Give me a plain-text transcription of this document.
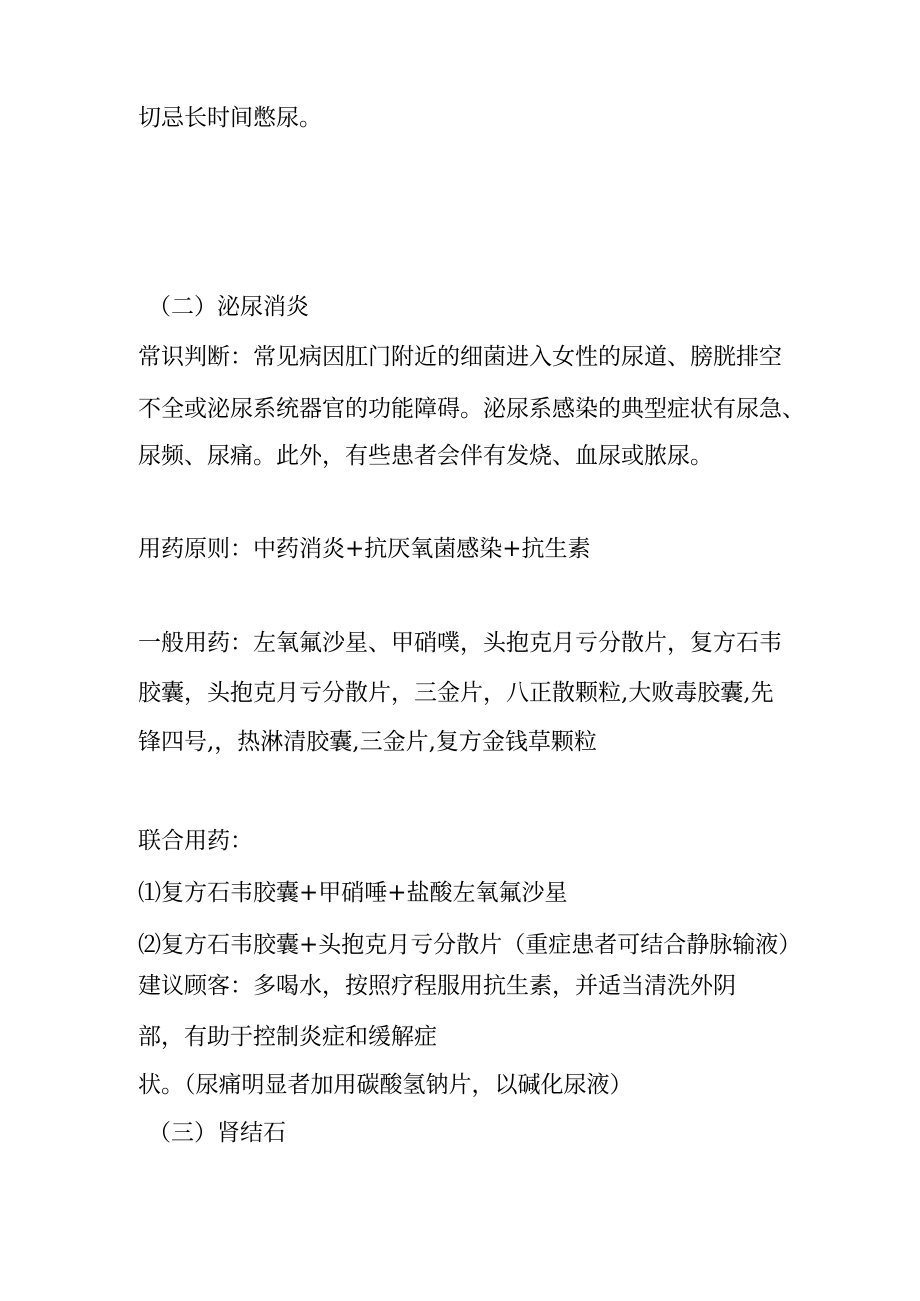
切忌长时间憋尿。

（二）泌尿消炎

常识判断：常见病因肛门附近的细菌进入女性的尿道、膀胱排空

不全或泌尿系统器官的功能障碍。泌尿系感染的典型症状有尿急、

尿频、尿痛。此外，有些患者会伴有发烧、血尿或脓尿。

用药原则：中药消炎+抗厌氧菌感染+抗生素

一般用药：左氧氟沙星、甲硝噗，头抱克月亏分散片，复方石韦

胶囊，头抱克月亏分散片，三金片，八正散颗粒,大败毒胶囊,先

锋四号,，热淋清胶囊,三金片,复方金钱草颗粒

联合用药：

⑴复方石韦胶囊+甲硝唾+盐酸左氧氟沙星

⑵复方石韦胶囊+头抱克月亏分散片（重症患者可结合静脉输液）

建议顾客：多喝水，按照疗程服用抗生素，并适当清洗外阴

部，有助于控制炎症和缓解症

状。（尿痛明显者加用碳酸氢钠片，以碱化尿液）

（三）肾结石
